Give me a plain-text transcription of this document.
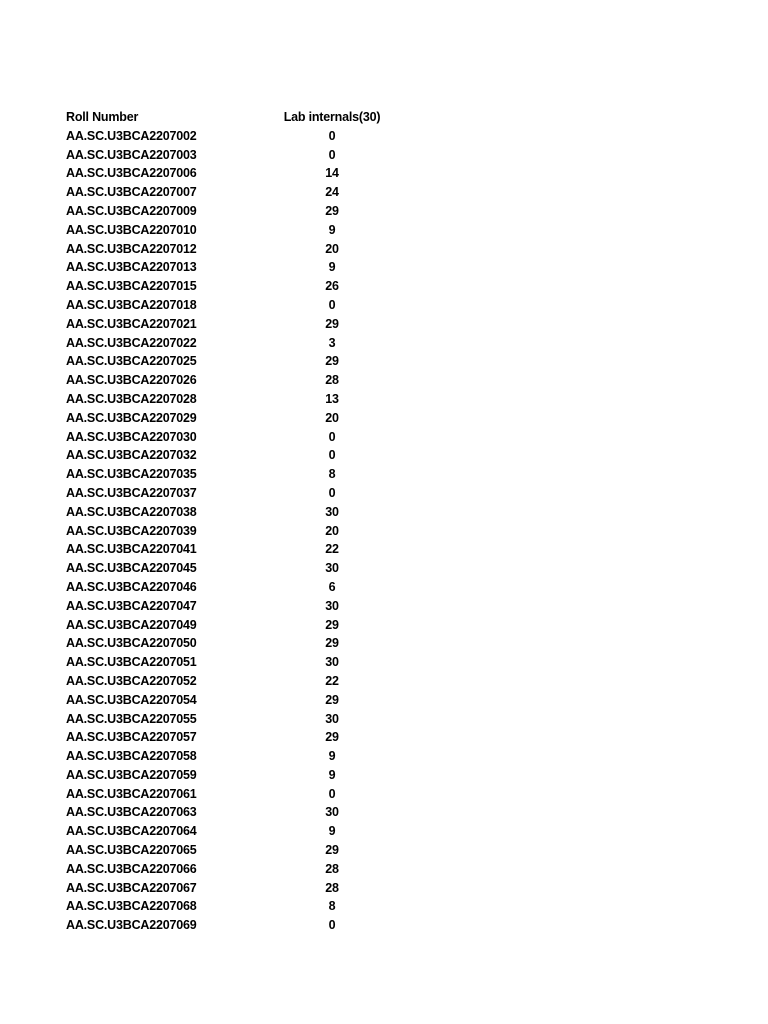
Roll Number	Lab internals(30)
AA.SC.U3BCA2207002	0
AA.SC.U3BCA2207003	0
AA.SC.U3BCA2207006	14
AA.SC.U3BCA2207007	24
AA.SC.U3BCA2207009	29
AA.SC.U3BCA2207010	9
AA.SC.U3BCA2207012	20
AA.SC.U3BCA2207013	9
AA.SC.U3BCA2207015	26
AA.SC.U3BCA2207018	0
AA.SC.U3BCA2207021	29
AA.SC.U3BCA2207022	3
AA.SC.U3BCA2207025	29
AA.SC.U3BCA2207026	28
AA.SC.U3BCA2207028	13
AA.SC.U3BCA2207029	20
AA.SC.U3BCA2207030	0
AA.SC.U3BCA2207032	0
AA.SC.U3BCA2207035	8
AA.SC.U3BCA2207037	0
AA.SC.U3BCA2207038	30
AA.SC.U3BCA2207039	20
AA.SC.U3BCA2207041	22
AA.SC.U3BCA2207045	30
AA.SC.U3BCA2207046	6
AA.SC.U3BCA2207047	30
AA.SC.U3BCA2207049	29
AA.SC.U3BCA2207050	29
AA.SC.U3BCA2207051	30
AA.SC.U3BCA2207052	22
AA.SC.U3BCA2207054	29
AA.SC.U3BCA2207055	30
AA.SC.U3BCA2207057	29
AA.SC.U3BCA2207058	9
AA.SC.U3BCA2207059	9
AA.SC.U3BCA2207061	0
AA.SC.U3BCA2207063	30
AA.SC.U3BCA2207064	9
AA.SC.U3BCA2207065	29
AA.SC.U3BCA2207066	28
AA.SC.U3BCA2207067	28
AA.SC.U3BCA2207068	8
AA.SC.U3BCA2207069	0
